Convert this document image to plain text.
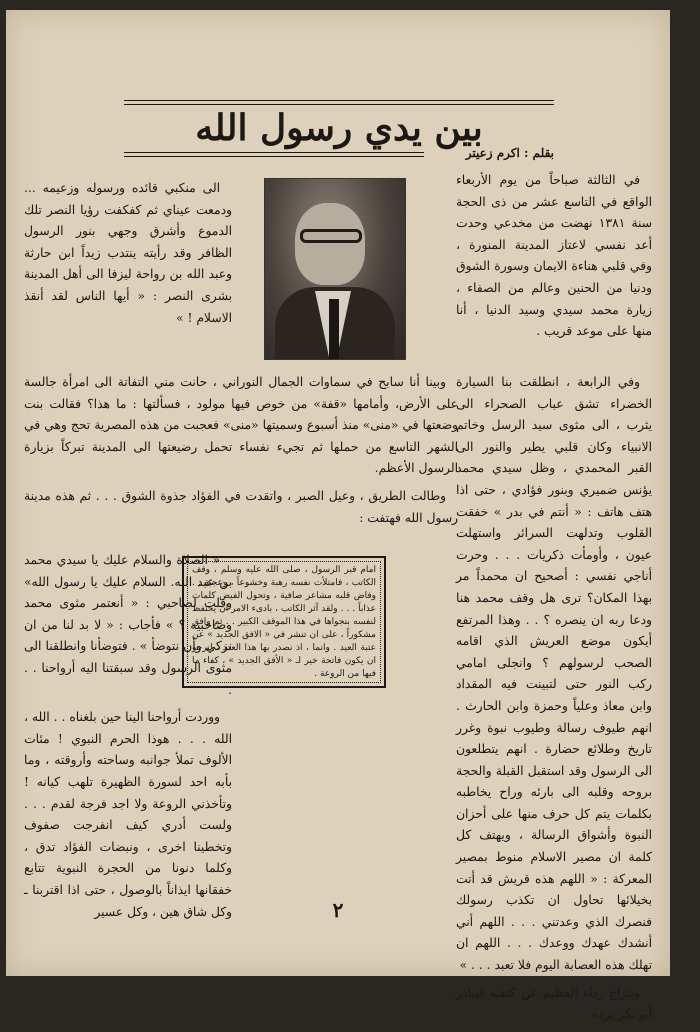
بين يدي رسول الله
بقلم : اكرم زعيتر

في الثالثة صباحاً من يوم الأربعاء الواقع في التاسع عشر من ذى الحجة سنة ١٣٨١ نهضت من مخدعي وحدت أعد نفسي لاعتاز المدينة المنورة ، وفي قلبي هناءة الايمان وسورة الشوق ودنيا من الحنين وعالم من الصفاء ، زيارة محمد سيدي وسيد الدنيا ، أنا منها على موعد قريب .

الى منكبي قائده ورسوله وزعيمه ... ودمعت عيناي ثم كفكفت رؤيا النصر تلك الدموع وأشرق وجهي بنور الرسول الظافر وقد رأيته ينتدب زيداً ابن حارثة وعبد الله بن رواحة ليزفا الى أهل المدينة بشرى النصر : « أيها الناس لقد أنقذ الاسلام ! »

وفي الرابعة ، انطلقت بنا السيارة الخضراء تشق عباب الصحراء الى يثرب ، الى مثوى سيد الرسل وخاتم الانبياء وكان قلبي يطير والنور الى القبر المحمدي ، وظل سيدي محمد يؤنس ضميري وبنور فؤادي ، حتى اذا هتف هاتف : « أنتم في بدر » خفقت القلوب وتدلهت السرائر واستهلت عيون ، وأومأت ذكريات . . . وحرت أناجي نفسي : أصحيح ان محمداً مر بهذا المكان؟ ترى هل وقف محمد هنا ودعا ربه ان ينصره ؟ . . وهذا المرتفع أيكون موضع العريش الذي اقامه الصحب لرسولهم ؟ وانجلى امامي ركب النور حتى لتبينت فيه المقداد وابن معاذ وعلياً وحمزة وابن الحارث . انهم طيوف رسالة وطيوب نبوة وغرر تاريخ وطلائع حضارة . انهم يتطلعون الى الرسول وقد استقبل القبلة والحجة بروحه وقلبه الى بارئه وراح يخاطبه بكلمات يتم كل حرف منها على أحزان النبوة وأشواق الرسالة ، ويهتف كل كلمة ان مصير الاسلام منوط بمصير المعركة : « اللهم هذه قريش قد أتت بخيلائها تحاول ان تكذب رسولك فنصرك الذي وعدتني . . . اللهم أني أنشدك عهدك ووعدك . . . اللهم ان تهلك هذه العصابة اليوم فلا تعبد . . . »

ويتزاح رداء العظيم عن كتفيه فيبادر أبو بكر يرده

وبينا أنا سابح في سماوات الجمال النوراني ، حانت مني التفاتة الى امرأة جالسة على الأرض، وأمامها «قفة» من خوص فيها مولود ، فسألتها : ما هذا؟ فقالت بنت وضعتها في «منى» منذ أسبوع وسميتها «منى» فعجبت من هذه المصرية تحج وهي في الشهر التاسع من حملها ثم تجيء نفساء تحمل رضيعتها الى المدينة تبركاً بزيارة الرسول الأعظم.

وطالت الطريق ، وعيل الصبر ، واتقدت في الفؤاد جذوة الشوق . . . ثم هذه مدينة رسول الله فهتفت :

امام قبر الرسول ، صلى الله عليه وسلم ، وقف الكاتب ، فامتلأت نفسه رهبة وخشوعاً ، وعجبة . . وفاض قلبه مشاعر صافية ، وتحول الفيض كلمات عذاباً . . . ولقد آثر الكاتب ، بادىء الامر ان يحتفظ لنفسه بنجواها في هذا الموقف الكبير . . ثم وافق مشكوراً ، على ان تنشر في « الافق الجديد » عن عتبة العيد . وانما ، اذ نصدر بها هذا العدد ، لنرجو ان يكون فاتحة خير لـ « الأفق الجديد » ، كفاء ما فيها من الروعة .

« الصلاة والسلام عليك يا سيدي محمد بن عبد الله. السلام عليك يا رسول الله» وقلت لصاحبي : « أنعتمر مثوى محمد وصاحبيه ؟ » فأجاب : « لا بد لنا من ان نزكي وأن نتوضأ » . فتوضأنا وانطلقنا الى مثوى الرسول وقد سبقتنا اليه أرواحنا . . .

ووردت أرواحنا الينا حين بلغناه . . الله ، الله . . . هوذا الحرم النبوي ! مئات الألوف تملأ جوانبه وساحته وأروقته ، وما بأبه احد لسورة الظهيرة تلهب كيانه ! وتأخذني الروعة ولا اجد فرجة لقدم . . . ولست أدري كيف انفرجت صفوف وتخطينا اخرى ، ونبضات الفؤاد تدق ، وكلما دنونا من الحجرة النبوية تتابع خفقانها ايذاناً بالوصول ، حتى اذا اقتربنا ـ وكل شاق هين ، وكل عسير	٢
